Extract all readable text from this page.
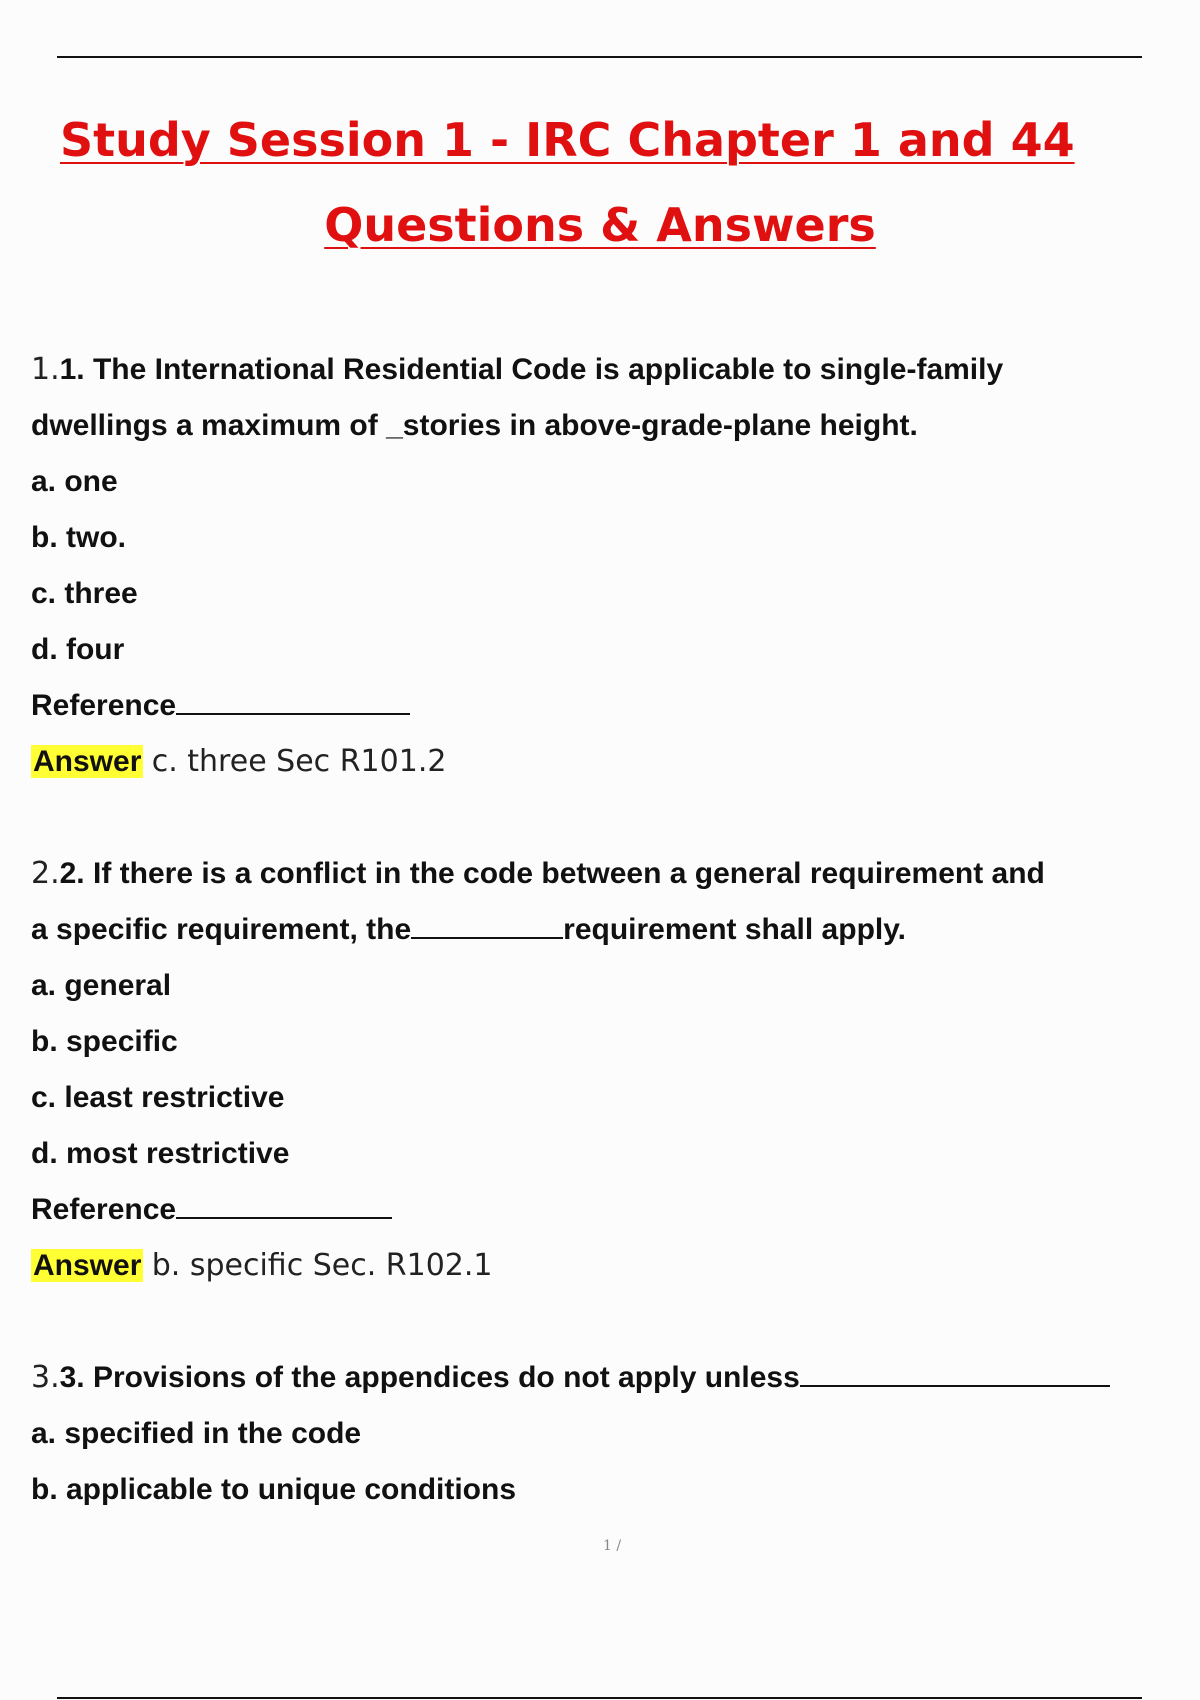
Study Session 1 - IRC Chapter 1 and 44
Questions & Answers
1.1. The International Residential Code is applicable to single-family
dwellings a maximum of _stories in above-grade-plane height.
a. one
b. two.
c. three
d. four
Reference
Answer c. three Sec R101.2
2.2. If there is a conflict in the code between a general requirement and
a specific requirement, the	requirement shall apply.
a. general
b. specific
c. least restrictive
d. most restrictive
Reference
Answer b. specific Sec. R102.1
3.3. Provisions of the appendices do not apply unless
a. specified in the code
b. applicable to unique conditions
1 /
